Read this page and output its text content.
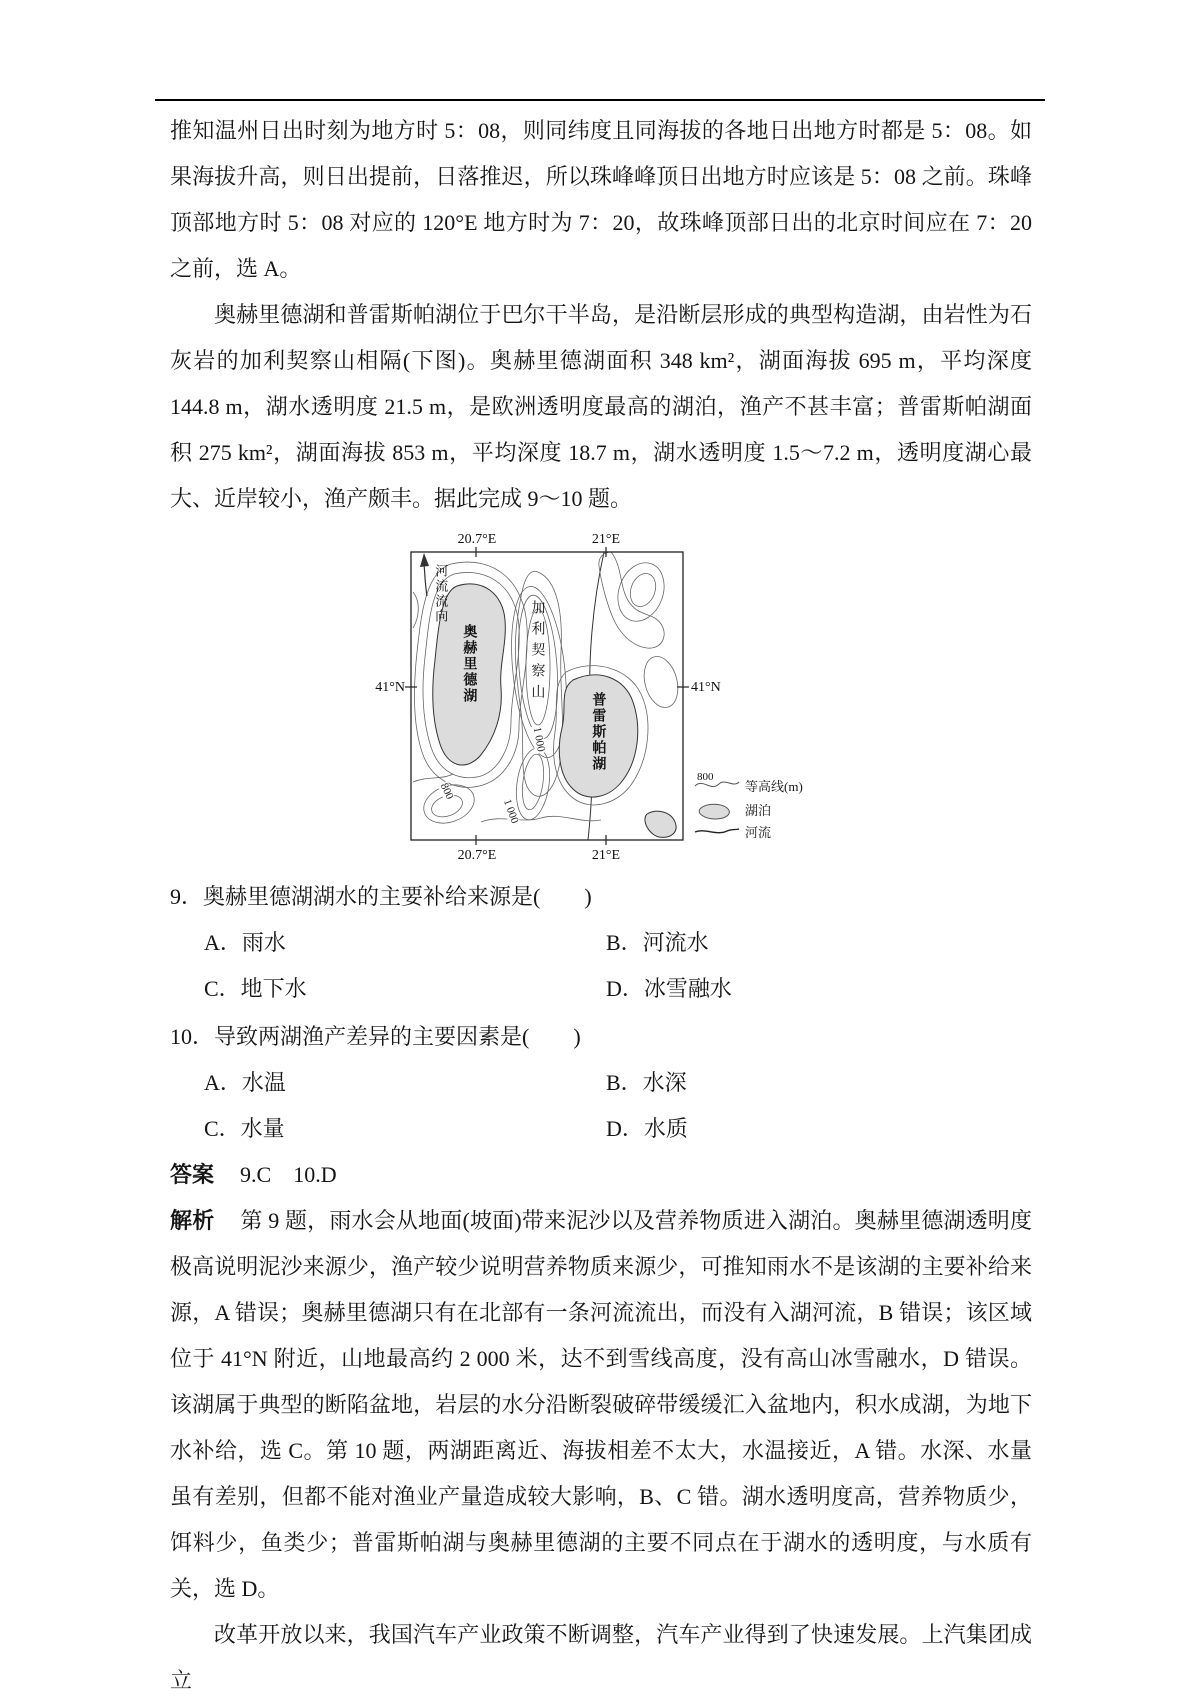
推知温州日出时刻为地方时 5：08，则同纬度且同海拔的各地日出地方时都是 5：08。如果海拔升高，则日出提前，日落推迟，所以珠峰峰顶日出地方时应该是 5：08 之前。珠峰顶部地方时 5：08 对应的 120°E 地方时为 7：20，故珠峰顶部日出的北京时间应在 7：20 之前，选 A。

奥赫里德湖和普雷斯帕湖位于巴尔干半岛，是沿断层形成的典型构造湖，由岩性为石灰岩的加利契察山相隔(下图)。奥赫里德湖面积 348 km²，湖面海拔 695 m，平均深度 144.8 m，湖水透明度 21.5 m，是欧洲透明度最高的湖泊，渔产不甚丰富；普雷斯帕湖面积 275 km²，湖面海拔 853 m，平均深度 18.7 m，湖水透明度 1.5～7.2 m，透明度湖心最大、近岸较小，渔产颇丰。据此完成 9～10 题。

20.7°E	21°E
20.7°E	21°E
41°N	41°N
河流流向
奥赫里德湖	加利契察山
普雷斯帕湖
800
1 000
1 000
800
等高线(m)
湖泊
河流
9．奥赫里德湖湖水的主要补给来源是(　　)
A．雨水	B．河流水
C．地下水	D．冰雪融水
10．导致两湖渔产差异的主要因素是(　　)
A．水温	B．水深
C．水量	D．水质
答案 9.C　10.D

解析 第 9 题，雨水会从地面(坡面)带来泥沙以及营养物质进入湖泊。奥赫里德湖透明度极高说明泥沙来源少，渔产较少说明营养物质来源少，可推知雨水不是该湖的主要补给来源，A 错误；奥赫里德湖只有在北部有一条河流流出，而没有入湖河流，B 错误；该区域位于 41°N 附近，山地最高约 2 000 米，达不到雪线高度，没有高山冰雪融水，D 错误。该湖属于典型的断陷盆地，岩层的水分沿断裂破碎带缓缓汇入盆地内，积水成湖，为地下水补给，选 C。第 10 题，两湖距离近、海拔相差不太大，水温接近，A 错。水深、水量虽有差别，但都不能对渔业产量造成较大影响，B、C 错。湖水透明度高，营养物质少，饵料少，鱼类少；普雷斯帕湖与奥赫里德湖的主要不同点在于湖水的透明度，与水质有关，选 D。

改革开放以来，我国汽车产业政策不断调整，汽车产业得到了快速发展。上汽集团成立
